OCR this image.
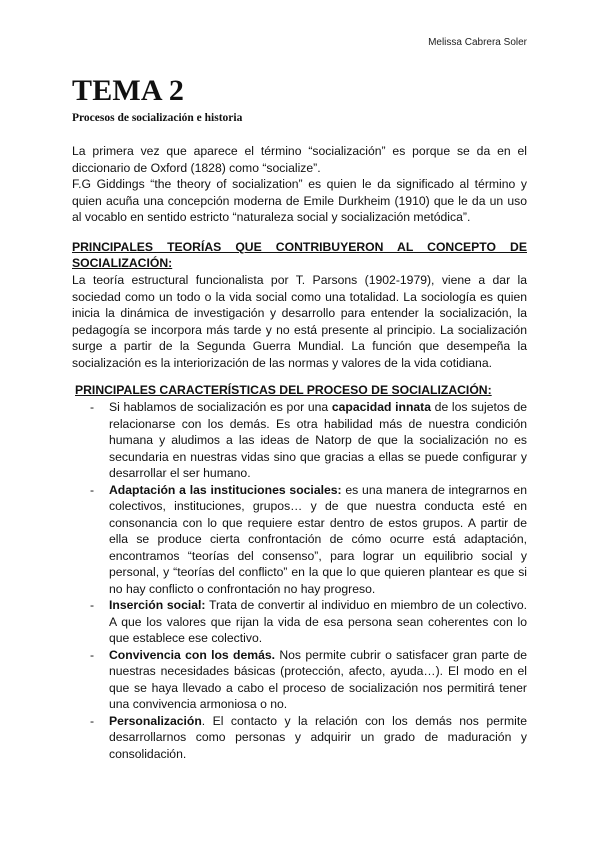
Melissa Cabrera Soler
TEMA 2
Procesos de socialización e historia

La primera vez que aparece el término “socialización” es porque se da en el diccionario de Oxford (1828) como “socialize”.

F.G Giddings “the theory of socialization” es quien le da significado al término y quien acuña una concepción moderna de Emile Durkheim (1910) que le da un uso al vocablo en sentido estricto “naturaleza social y socialización metódica”.

PRINCIPALES TEORÍAS QUE CONTRIBUYERON AL CONCEPTO DE
SOCIALIZACIÓN:

La teoría estructural funcionalista por T. Parsons (1902-1979), viene a dar la sociedad como un todo o la vida social como una totalidad. La sociología es quien inicia la dinámica de investigación y desarrollo para entender la socialización, la pedagogía se incorpora más tarde y no está presente al principio. La socialización surge a partir de la Segunda Guerra Mundial. La función que desempeña la socialización es la interiorización de las normas y valores de la vida cotidiana.

PRINCIPALES CARACTERÍSTICAS DEL PROCESO DE SOCIALIZACIÓN:
- Si hablamos de socialización es por una capacidad innata de los sujetos de relacionarse con los demás. Es otra habilidad más de nuestra condición humana y aludimos a las ideas de Natorp de que la socialización no es secundaria en nuestras vidas sino que gracias a ellas se puede configurar y desarrollar el ser humano.
- Adaptación a las instituciones sociales: es una manera de integrarnos en colectivos, instituciones, grupos… y de que nuestra conducta esté en consonancia con lo que requiere estar dentro de estos grupos. A partir de ella se produce cierta confrontación de cómo ocurre está adaptación, encontramos “teorías del consenso”, para lograr un equilibrio social y personal, y “teorías del conflicto” en la que lo que quieren plantear es que si no hay conflicto o confrontación no hay progreso.
- Inserción social: Trata de convertir al individuo en miembro de un colectivo. A que los valores que rijan la vida de esa persona sean coherentes con lo que establece ese colectivo.
- Convivencia con los demás. Nos permite cubrir o satisfacer gran parte de nuestras necesidades básicas (protección, afecto, ayuda…). El modo en el que se haya llevado a cabo el proceso de socialización nos permitirá tener una convivencia armoniosa o no.
- Personalización. El contacto y la relación con los demás nos permite desarrollarnos como personas y adquirir un grado de maduración y consolidación.
